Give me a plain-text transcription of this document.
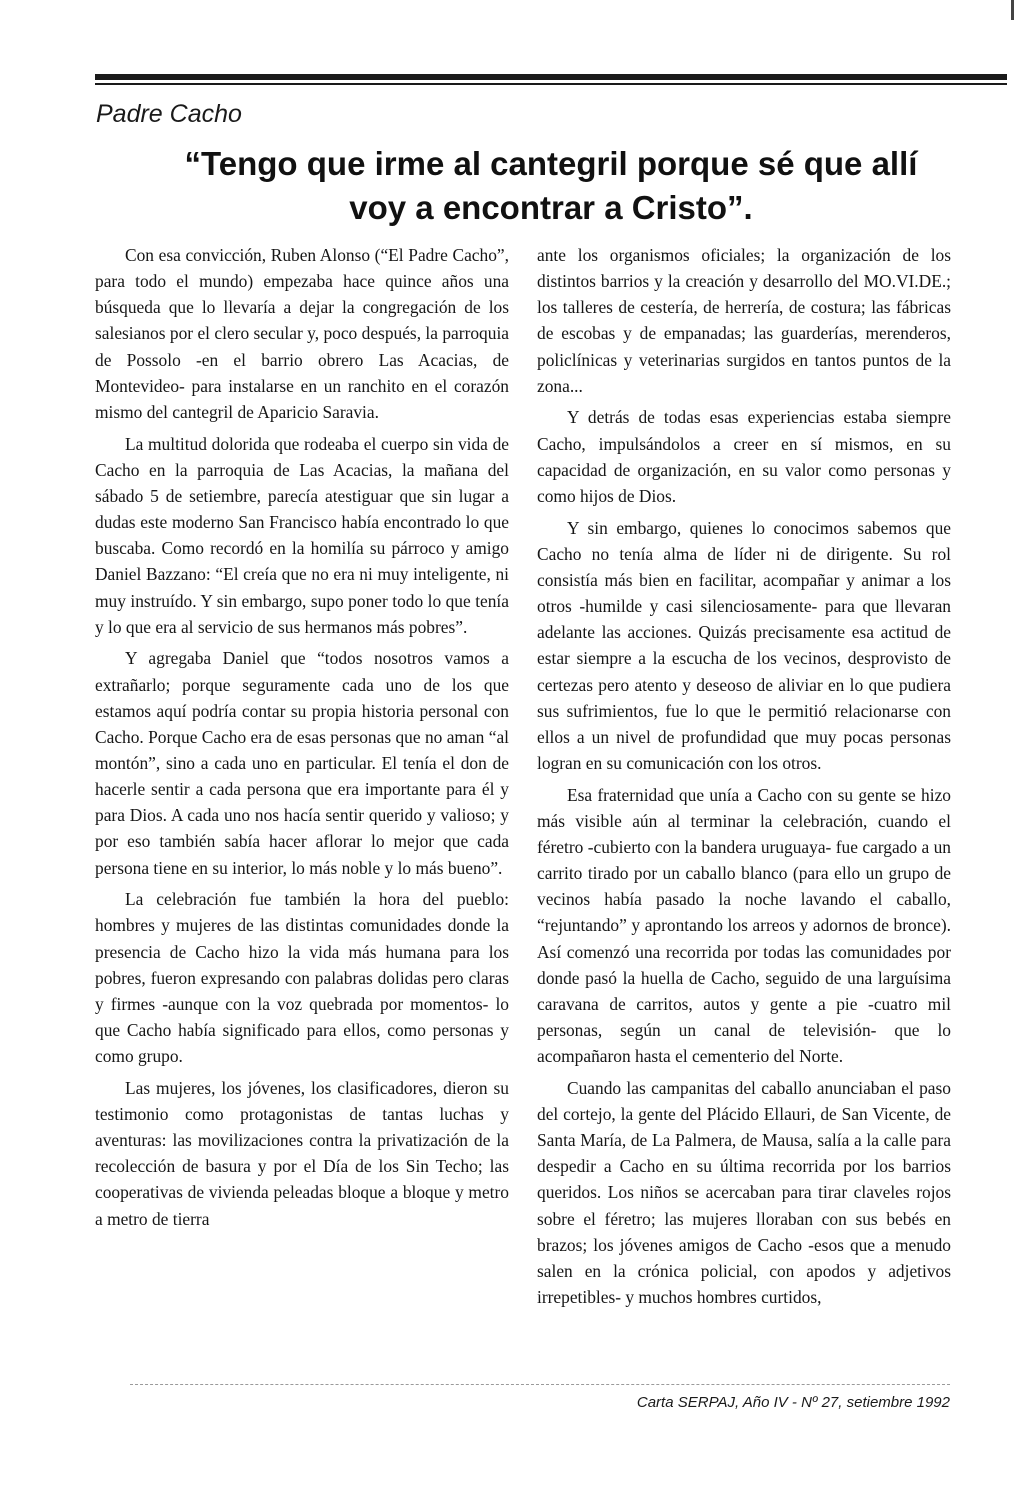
Padre Cacho
“Tengo que irme al cantegril porque sé que allí
voy a encontrar a Cristo”.

Con esa convicción, Ruben Alonso (“El Padre Cacho”, para todo el mundo) empezaba hace quince años una búsqueda que lo llevaría a dejar la congregación de los salesianos por el clero secular y, poco después, la parroquia de Possolo -en el barrio obrero Las Acacias, de Montevideo- para instalarse en un ranchito en el corazón mismo del cantegril de Aparicio Saravia.

La multitud dolorida que rodeaba el cuerpo sin vida de Cacho en la parroquia de Las Acacias, la mañana del sábado 5 de setiembre, parecía atestiguar que sin lugar a dudas este moderno San Francisco había encontrado lo que buscaba. Como recordó en la homilía su párroco y amigo Daniel Bazzano: “El creía que no era ni muy inteligente, ni muy instruído. Y sin embargo, supo poner todo lo que tenía y lo que era al servicio de sus hermanos más pobres”.

Y agregaba Daniel que “todos nosotros vamos a extrañarlo; porque seguramente cada uno de los que estamos aquí podría contar su propia historia personal con Cacho. Porque Cacho era de esas personas que no aman “al montón”, sino a cada uno en particular. El tenía el don de hacerle sentir a cada persona que era importante para él y para Dios. A cada uno nos hacía sentir querido y valioso; y por eso también sabía hacer aflorar lo mejor que cada persona tiene en su interior, lo más noble y lo más bueno”.

La celebración fue también la hora del pueblo: hombres y mujeres de las distintas comunidades donde la presencia de Cacho hizo la vida más humana para los pobres, fueron expresando con palabras dolidas pero claras y firmes -aunque con la voz quebrada por momentos- lo que Cacho había significado para ellos, como personas y como grupo.

Las mujeres, los jóvenes, los clasificadores, dieron su testimonio como protagonistas de tantas luchas y aventuras: las movilizaciones contra la privatización de la recolección de basura y por el Día de los Sin Techo; las cooperativas de vivienda peleadas bloque a bloque y metro a metro de tierra

ante los organismos oficiales; la organización de los distintos barrios y la creación y desarrollo del MO.VI.DE.; los talleres de cestería, de herrería, de costura; las fábricas de escobas y de empanadas; las guarderías, merenderos, policlínicas y veterinarias surgidos en tantos puntos de la zona...

Y detrás de todas esas experiencias estaba siempre Cacho, impulsándolos a creer en sí mismos, en su capacidad de organización, en su valor como personas y como hijos de Dios.

Y sin embargo, quienes lo conocimos sabemos que Cacho no tenía alma de líder ni de dirigente. Su rol consistía más bien en facilitar, acompañar y animar a los otros -humilde y casi silenciosamente- para que llevaran adelante las acciones. Quizás precisamente esa actitud de estar siempre a la escucha de los vecinos, desprovisto de certezas pero atento y deseoso de aliviar en lo que pudiera sus sufrimientos, fue lo que le permitió relacionarse con ellos a un nivel de profundidad que muy pocas personas logran en su comunicación con los otros.

Esa fraternidad que unía a Cacho con su gente se hizo más visible aún al terminar la celebración, cuando el féretro -cubierto con la bandera uruguaya- fue cargado a un carrito tirado por un caballo blanco (para ello un grupo de vecinos había pasado la noche lavando el caballo, “rejuntando” y aprontando los arreos y adornos de bronce). Así comenzó una recorrida por todas las comunidades por donde pasó la huella de Cacho, seguido de una larguísima caravana de carritos, autos y gente a pie -cuatro mil personas, según un canal de televisión- que lo acompañaron hasta el cementerio del Norte.

Cuando las campanitas del caballo anunciaban el paso del cortejo, la gente del Plácido Ellauri, de San Vicente, de Santa María, de La Palmera, de Mausa, salía a la calle para despedir a Cacho en su última recorrida por los barrios queridos. Los niños se acercaban para tirar claveles rojos sobre el féretro; las mujeres lloraban con sus bebés en brazos; los jóvenes amigos de Cacho -esos que a menudo salen en la crónica policial, con apodos y adjetivos irrepetibles- y muchos hombres curtidos,

Carta SERPAJ, Año IV - Nº 27, setiembre 1992
